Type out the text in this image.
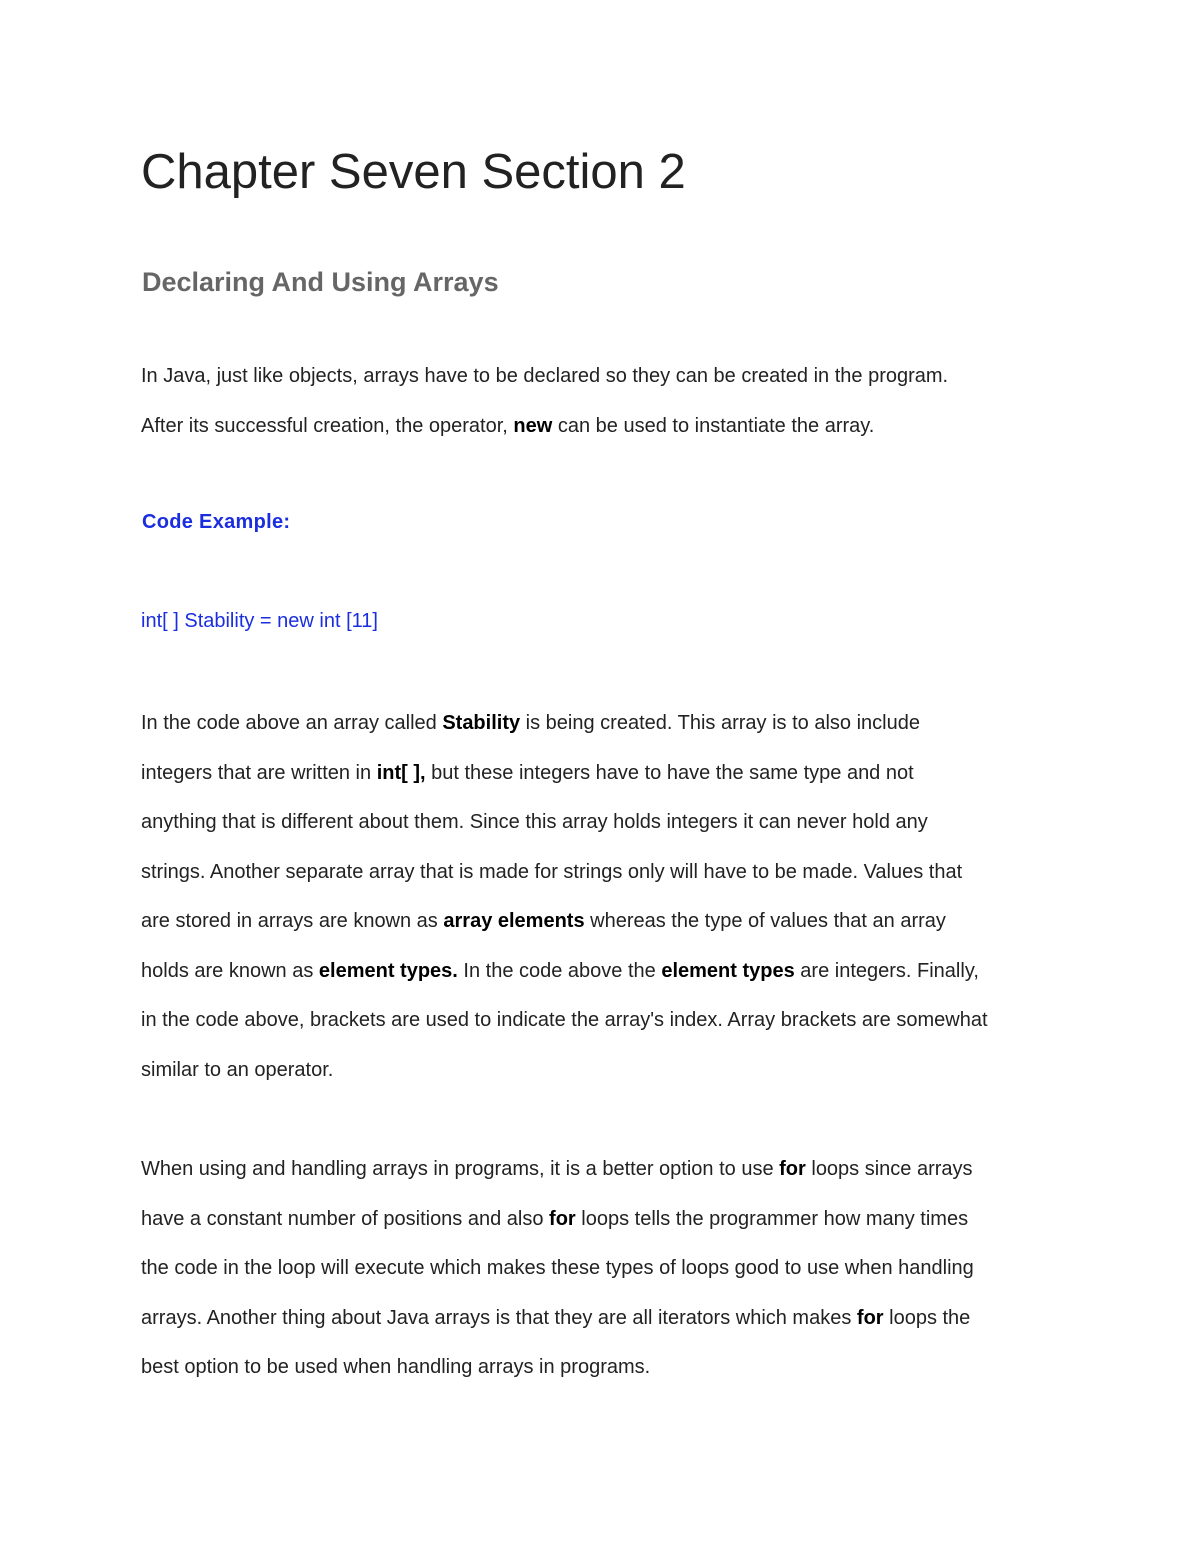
Chapter Seven Section 2
Declaring And Using Arrays

In Java, just like objects, arrays have to be declared so they can be created in the program.
After its successful creation, the operator, new can be used to instantiate the array.

Code Example:

int[ ] Stability = new int [11]

In the code above an array called Stability is being created. This array is to also include
integers that are written in int[ ], but these integers have to have the same type and not
anything that is different about them. Since this array holds integers it can never hold any
strings. Another separate array that is made for strings only will have to be made. Values that
are stored in arrays are known as array elements whereas the type of values that an array
holds are known as element types. In the code above the element types are integers. Finally,
in the code above, brackets are used to indicate the array's index. Array brackets are somewhat
similar to an operator.

When using and handling arrays in programs, it is a better option to use for loops since arrays
have a constant number of positions and also for loops tells the programmer how many times
the code in the loop will execute which makes these types of loops good to use when handling
arrays. Another thing about Java arrays is that they are all iterators which makes for loops the
best option to be used when handling arrays in programs.
